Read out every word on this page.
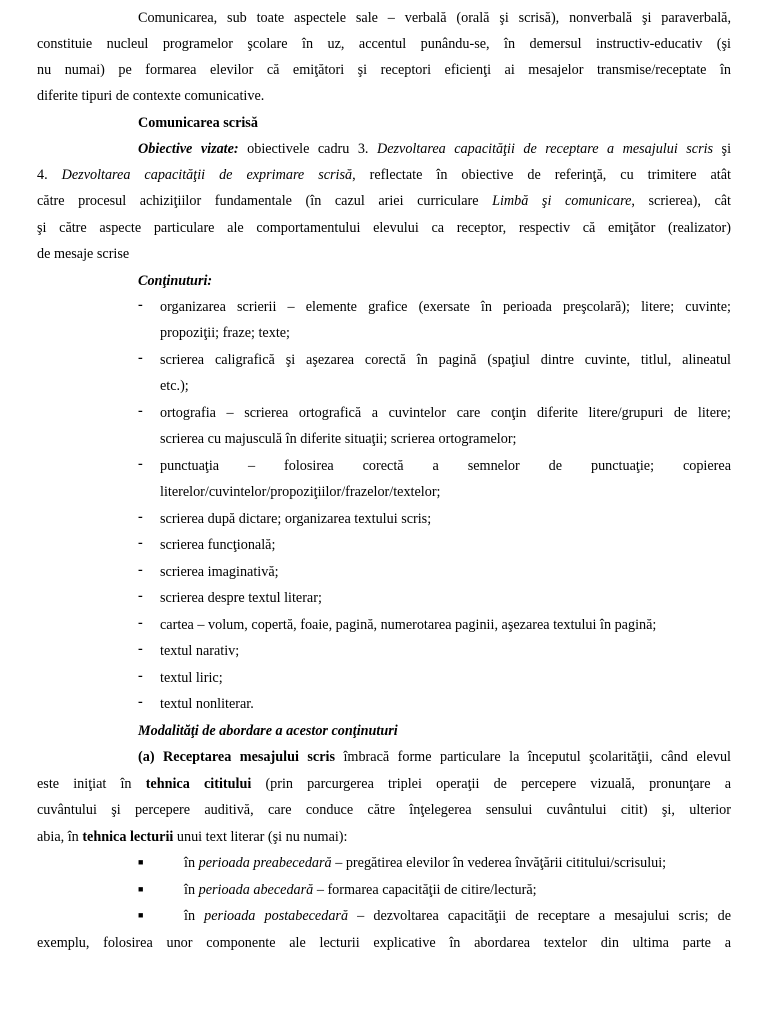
Comunicarea, sub toate aspectele sale – verbală (orală şi scrisă), nonverbală şi paraverbală,
constituie nucleul programelor şcolare în uz, accentul punându-se, în demersul instructiv-educativ (şi
nu numai) pe formarea elevilor că emiţători şi receptori eficienţi ai mesajelor transmise/receptate în
diferite tipuri de contexte comunicative.
Comunicarea scrisă
Obiective vizate: obiectivele cadru 3. Dezvoltarea capacităţii de receptare a mesajului scris şi
4. Dezvoltarea capacităţii de exprimare scrisă, reflectate în obiective de referinţă, cu trimitere atât
către procesul achiziţiilor fundamentale (în cazul ariei curriculare Limbă şi comunicare, scrierea), cât
şi către aspecte particulare ale comportamentului elevului ca receptor, respectiv că emiţător (realizator)
de mesaje scrise
Conţinuturi:
- organizarea scrierii – elemente grafice (exersate în perioada preşcolară); litere; cuvinte;
propoziţii; fraze; texte;
- scrierea caligrafică şi aşezarea corectă în pagină (spaţiul dintre cuvinte, titlul, alineatul
etc.);
- ortografia – scrierea ortografică a cuvintelor care conţin diferite litere/grupuri de litere;
scrierea cu majusculă în diferite situaţii; scrierea ortogramelor;
- punctuaţia – folosirea corectă a semnelor de punctuaţie; copierea
literelor/cuvintelor/propoziţiilor/frazelor/textelor;
- scrierea după dictare; organizarea textului scris;
- scrierea funcţională;
- scrierea imaginativă;
- scrierea despre textul literar;
- cartea – volum, copertă, foaie, pagină, numerotarea paginii, aşezarea textului în pagină;
- textul narativ;
- textul liric;
- textul nonliterar.
Modalităţi de abordare a acestor conţinuturi
(a) Receptarea mesajului scris îmbracă forme particulare la începutul şcolarităţii, când elevul
este iniţiat în tehnica cititului (prin parcurgerea triplei operaţii de percepere vizuală, pronunţare a
cuvântului şi percepere auditivă, care conduce către înţelegerea sensului cuvântului citit) şi, ulterior
abia, în tehnica lecturii unui text literar (şi nu numai):
■	în perioada preabecedară – pregătirea elevilor în vederea învăţării cititului/scrisului;
■	în perioada abecedară – formarea capacităţii de citire/lectură;
■	în perioada postabecedară – dezvoltarea capacităţii de receptare a mesajului scris; de
exemplu, folosirea unor componente ale lecturii explicative în abordarea textelor din ultima parte a
